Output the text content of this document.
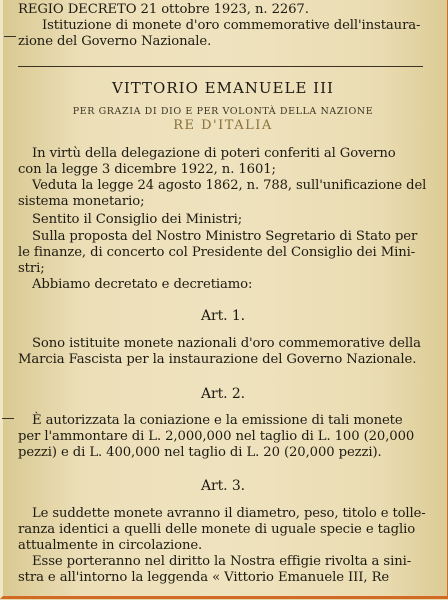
REGIO DECRETO 21 ottobre 1923, n. 2267.
Istituzione di monete d'oro commemorative dell'instaura-
zione del Governo Nazionale.
VITTORIO EMANUELE III
PER GRAZIA DI DIO E PER VOLONTÀ DELLA NAZIONE
RE D'ITALIA
In virtù della delegazione di poteri conferiti al Governo
con la legge 3 dicembre 1922, n. 1601;
Veduta la legge 24 agosto 1862, n. 788, sull'unificazione del
sistema monetario;
Sentito il Consiglio dei Ministri;
Sulla proposta del Nostro Ministro Segretario di Stato per
le finanze, di concerto col Presidente del Consiglio dei Mini-
stri;
Abbiamo decretato e decretiamo:
Art. 1.
Sono istituite monete nazionali d'oro commemorative della
Marcia Fascista per la instaurazione del Governo Nazionale.
Art. 2.
È autorizzata la coniazione e la emissione di tali monete
per l'ammontare di L. 2,000,000 nel taglio di L. 100 (20,000
pezzi) e di L. 400,000 nel taglio di L. 20 (20,000 pezzi).
Art. 3.
Le suddette monete avranno il diametro, peso, titolo e tolle-
ranza identici a quelli delle monete di uguale specie e taglio
attualmente in circolazione.
Esse porteranno nel diritto la Nostra effigie rivolta a sini-
stra e all'intorno la leggenda « Vittorio Emanuele III, Re
